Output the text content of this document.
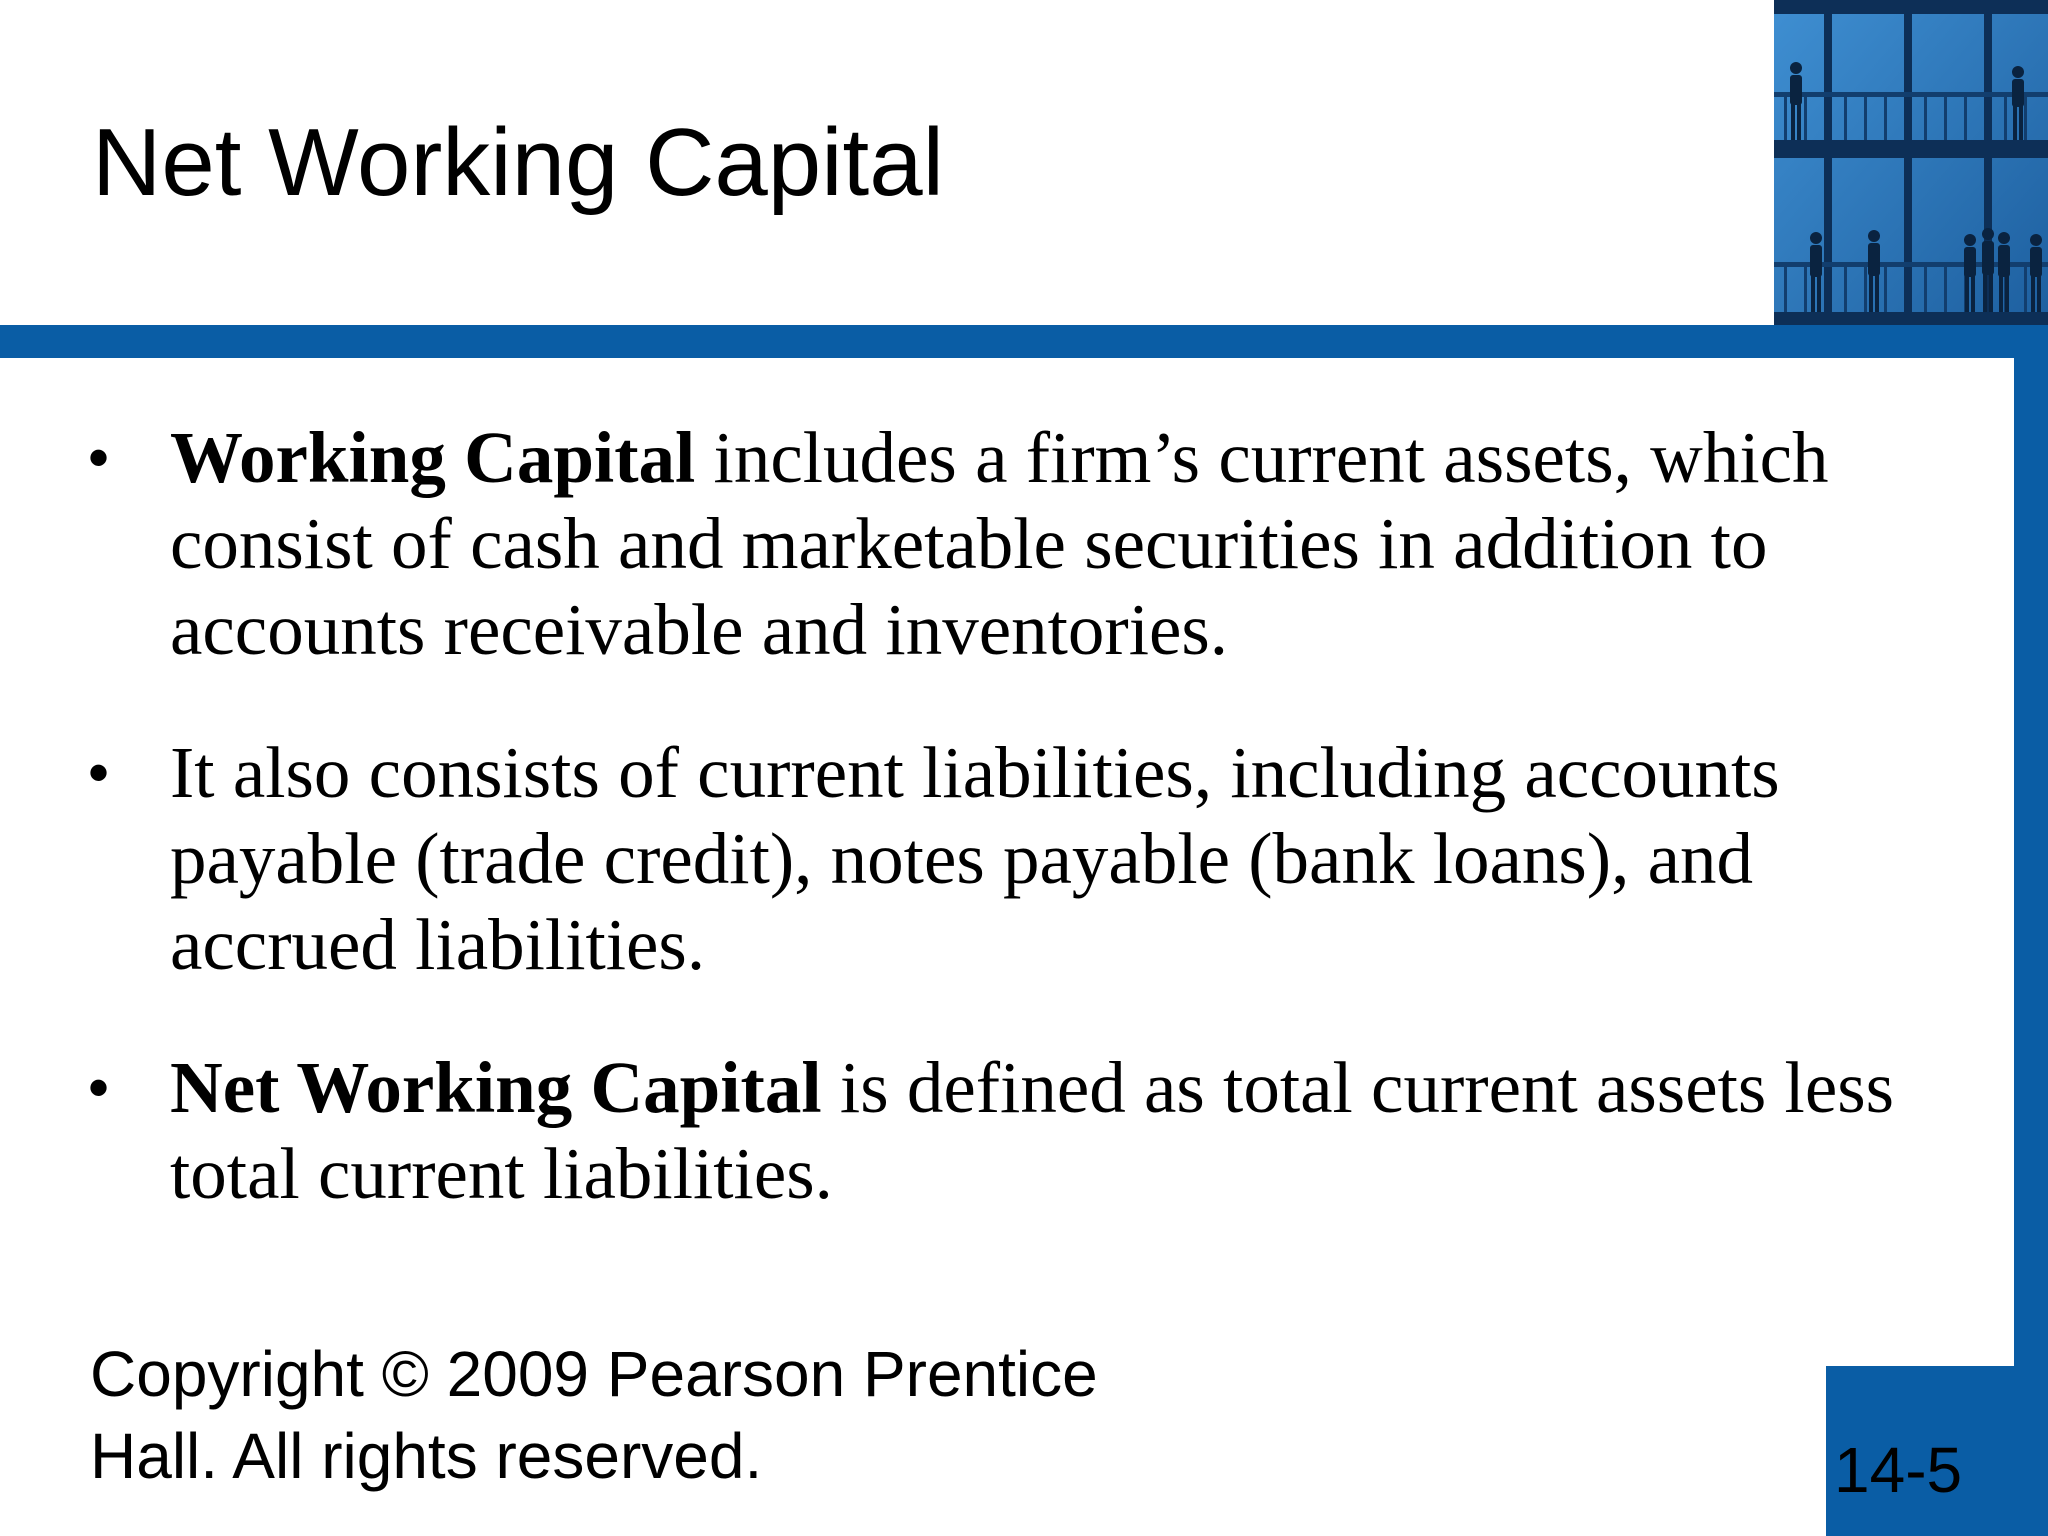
Net Working Capital
• Working Capital includes a firm’s current assets, which consist of cash and marketable securities in addition to accounts receivable and inventories.
• It also consists of current liabilities, including accounts payable (trade credit), notes payable (bank loans), and accrued liabilities.
• Net Working Capital is defined as total current assets less total current liabilities.

Copyright © 2009 Pearson Prentice
Hall. All rights reserved.	14-5
